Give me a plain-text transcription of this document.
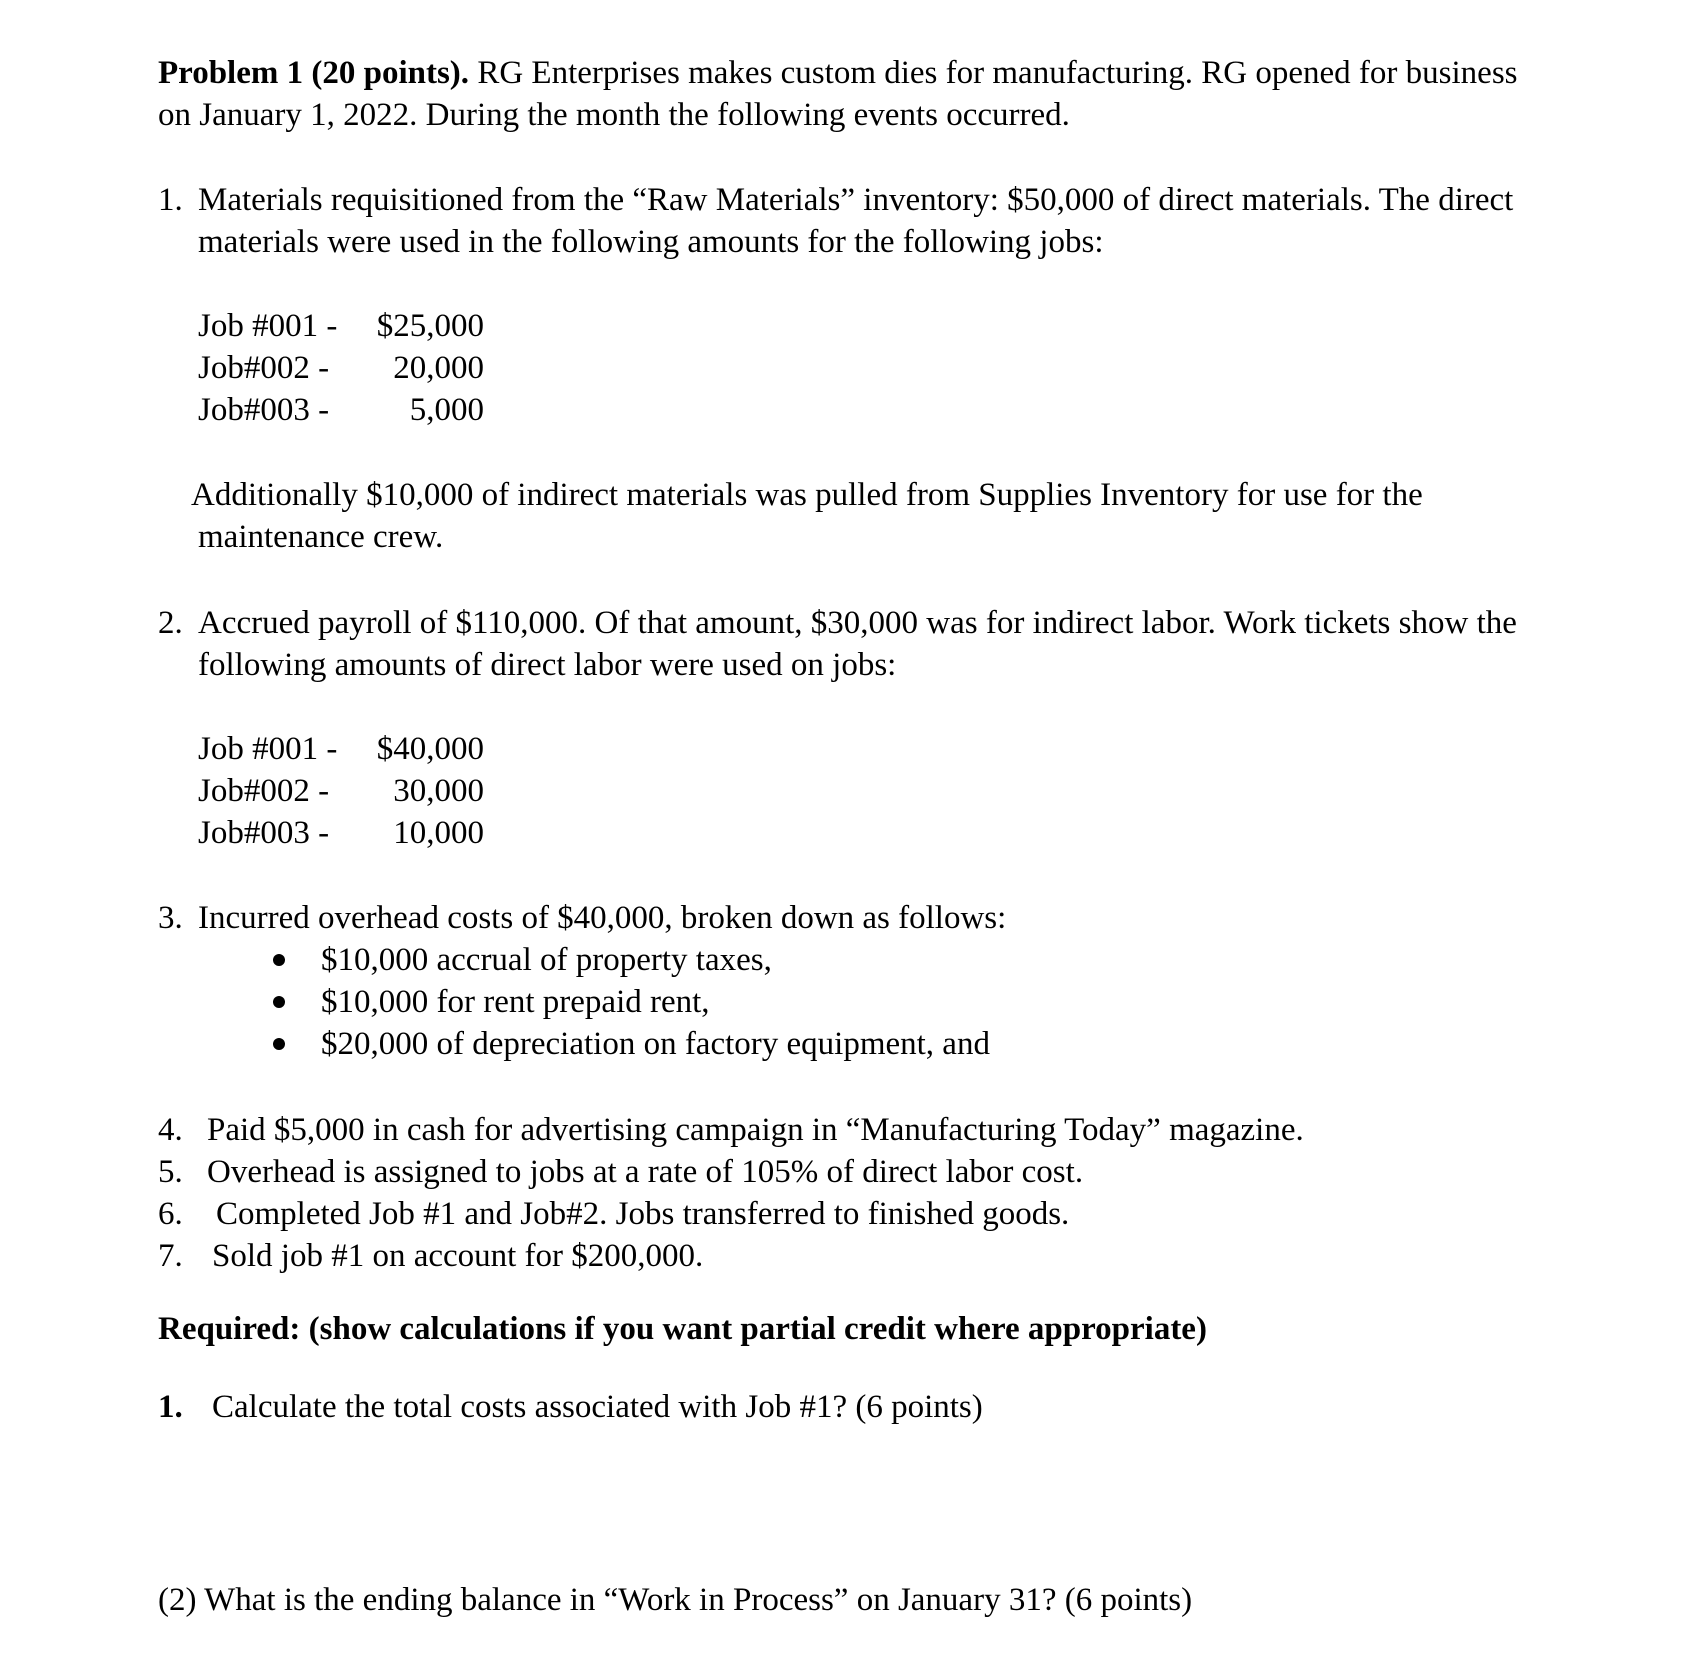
Problem 1 (20 points). RG Enterprises makes custom dies for manufacturing. RG opened for business
on January 1, 2022. During the month the following events occurred.
1. Materials requisitioned from the “Raw Materials” inventory: $50,000 of direct materials. The direct
materials were used in the following amounts for the following jobs:
Job #001 -	$25,000
Job#002 -	20,000
Job#003 -	5,000
Additionally $10,000 of indirect materials was pulled from Supplies Inventory for use for the
maintenance crew.
2. Accrued payroll of $110,000. Of that amount, $30,000 was for indirect labor. Work tickets show the
following amounts of direct labor were used on jobs:
Job #001 -	$40,000
Job#002 -	30,000
Job#003 -	10,000
3. Incurred overhead costs of $40,000, broken down as follows:
$10,000 accrual of property taxes,
$10,000 for rent prepaid rent,
$20,000 of depreciation on factory equipment, and
4. Paid $5,000 in cash for advertising campaign in “Manufacturing Today” magazine.
5. Overhead is assigned to jobs at a rate of 105% of direct labor cost.
6. Completed Job #1 and Job#2. Jobs transferred to finished goods.
7. Sold job #1 on account for $200,000.
Required: (show calculations if you want partial credit where appropriate)
1. Calculate the total costs associated with Job #1? (6 points)
(2) What is the ending balance in “Work in Process” on January 31? (6 points)
